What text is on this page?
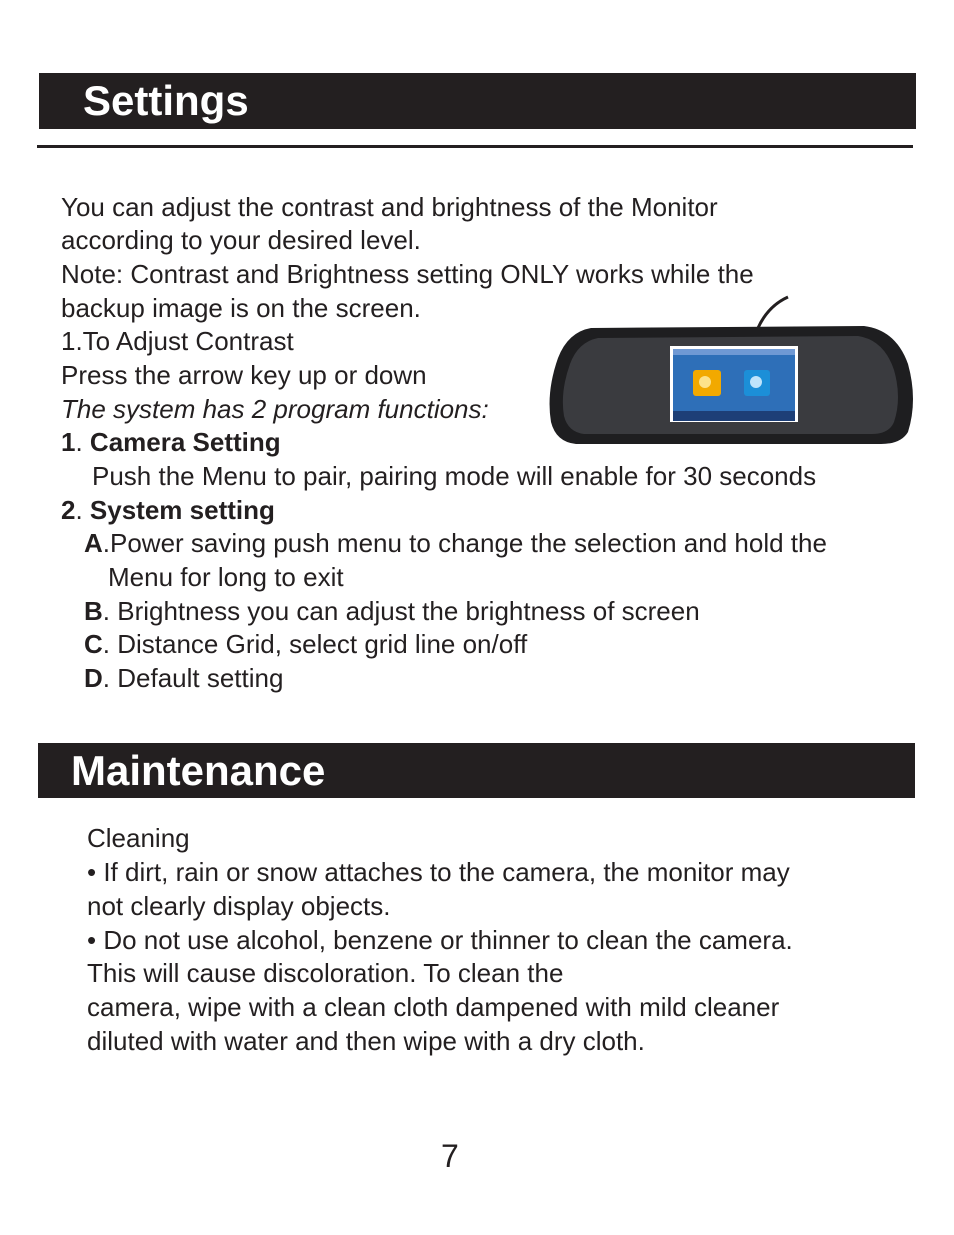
Settings
You can adjust the contrast and brightness of the Monitor
according to your desired level.
Note: Contrast and Brightness setting ONLY works while the
backup image is on the screen.
1.To Adjust Contrast
Press the arrow key up or down
The system has 2 program functions:
1. Camera Setting
Push the Menu to pair, pairing mode will enable for 30 seconds
2. System setting
A.Power saving push menu to change the selection and hold the
Menu for long to exit
B. Brightness you can adjust the brightness of screen
C. Distance Grid, select grid line on/off
D. Default setting
Maintenance
Cleaning
• If dirt, rain or snow attaches to the camera, the monitor may
not clearly display objects.
• Do not use alcohol, benzene or thinner to clean the camera.
This will cause discoloration. To clean the
camera, wipe with a clean cloth dampened with mild cleaner
diluted with water and then wipe with a dry cloth.
7
